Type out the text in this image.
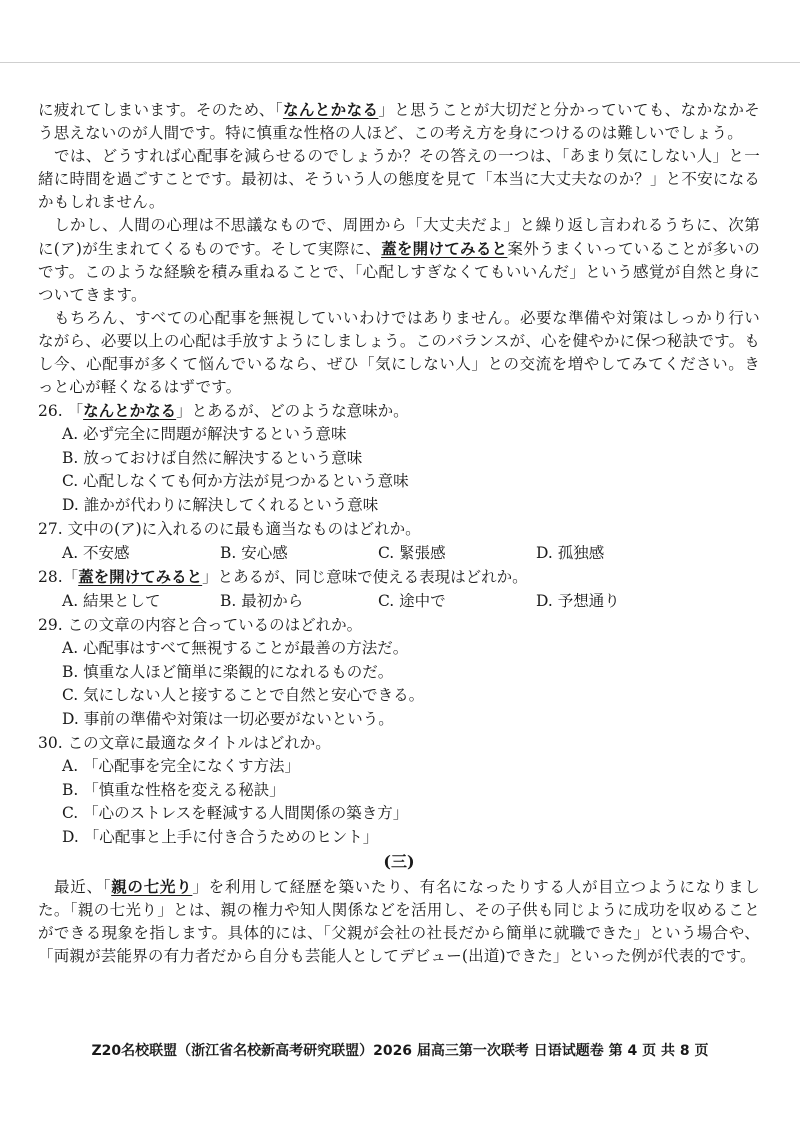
に疲れてしまいます。そのため、「なんとかなる」と思うことが大切だと分かっていても、なかなかそう思えないのが人間です。特に慎重な性格の人ほど、この考え方を身につけるのは難しいでしょう。

では、どうすれば心配事を減らせるのでしょうか？その答えの一つは、「あまり気にしない人」と一緒に時間を過ごすことです。最初は、そういう人の態度を見て「本当に大丈夫なのか？」と不安になるかもしれません。

しかし、人間の心理は不思議なもので、周囲から「大丈夫だよ」と繰り返し言われるうちに、次第に(ア)が生まれてくるものです。そして実際に、蓋を開けてみると案外うまくいっていることが多いのです。このような経験を積み重ねることで、「心配しすぎなくてもいいんだ」という感覚が自然と身についてきます。

もちろん、すべての心配事を無視していいわけではありません。必要な準備や対策はしっかり行いながら、必要以上の心配は手放すようにしましょう。このバランスが、心を健やかに保つ秘訣です。もし今、心配事が多くて悩んでいるなら、ぜひ「気にしない人」との交流を増やしてみてください。きっと心が軽くなるはずです。

26. 「なんとかなる」とあるが、どのような意味か。

A. 必ず完全に問題が解決するという意味

B. 放っておけば自然に解決するという意味

C. 心配しなくても何か方法が見つかるという意味

D. 誰かが代わりに解決してくれるという意味

27. 文中の(ア)に入れるのに最も適当なものはどれか。

A. 不安感	B. 安心感	C. 緊張感	D. 孤独感

28.「蓋を開けてみると」とあるが、同じ意味で使える表現はどれか。

A. 結果として	B. 最初から	C. 途中で	D. 予想通り

29. この文章の内容と合っているのはどれか。

A. 心配事はすべて無視することが最善の方法だ。

B. 慎重な人ほど簡単に楽観的になれるものだ。

C. 気にしない人と接することで自然と安心できる。

D. 事前の準備や対策は一切必要がないという。

30. この文章に最適なタイトルはどれか。

A. 「心配事を完全になくす方法」

B. 「慎重な性格を変える秘訣」

C. 「心のストレスを軽減する人間関係の築き方」

D. 「心配事と上手に付き合うためのヒント」

(三)

最近、「親の七光り」を利用して経歴を築いたり、有名になったりする人が目立つようになりました。「親の七光り」とは、親の権力や知人関係などを活用し、その子供も同じように成功を収めることができる現象を指します。具体的には、「父親が会社の社長だから簡単に就職できた」という場合や、「両親が芸能界の有力者だから自分も芸能人としてデビュー(出道)できた」といった例が代表的です。

Z20名校联盟（浙江省名校新高考研究联盟）2026 届高三第一次联考 日语试题卷 第 4 页 共 8 页
